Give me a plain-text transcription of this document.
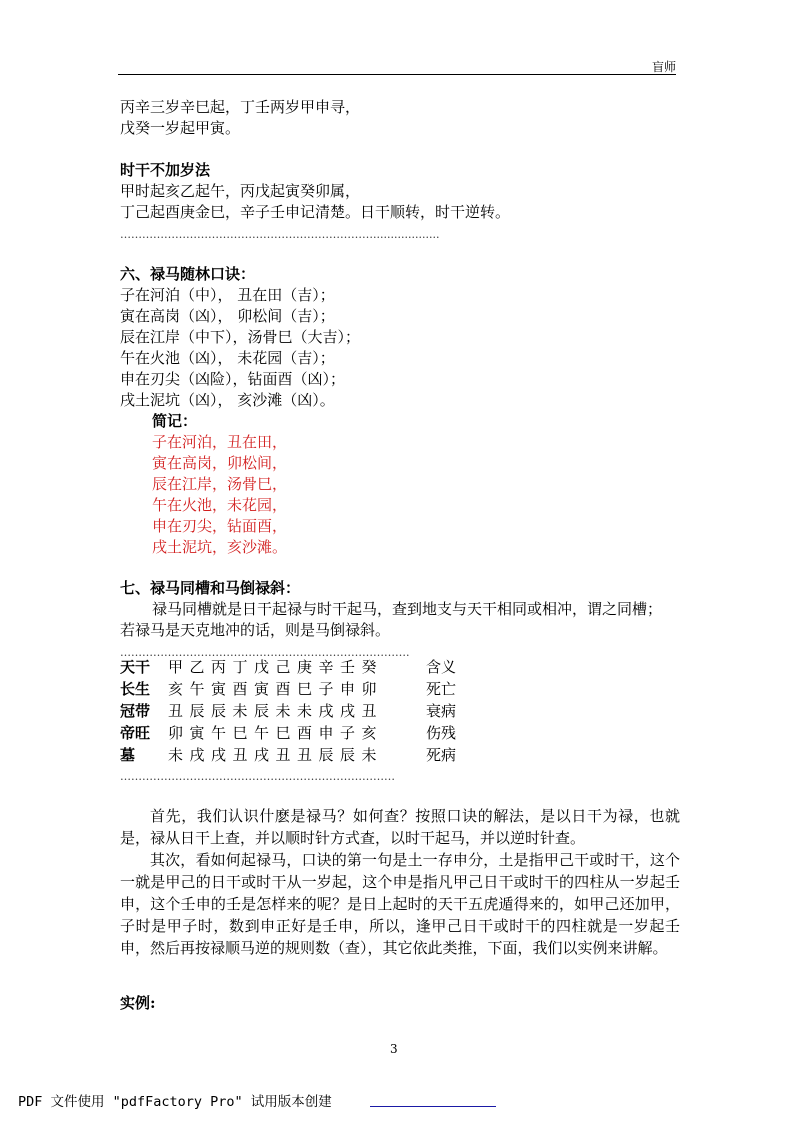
盲师
丙辛三岁辛巳起，丁壬两岁甲申寻，
戊癸一岁起甲寅。
时干不加岁法
甲时起亥乙起午，丙戊起寅癸卯属，
丁己起酉庚金巳，辛子壬申记清楚。日干顺转，时干逆转。
……………………………………………………………...................
六、禄马随林口诀：
子在河泊（中）， 丑在田（吉）；
寅在高岗（凶）， 卯松间（吉）；
辰在江岸（中下），汤骨巳（大吉）；
午在火池（凶）， 未花园（吉）；
申在刃尖（凶险），钻面酉（凶）；
戌土泥坑（凶）， 亥沙滩（凶）。
简记：
子在河泊，丑在田，
寅在高岗，卯松间，
辰在江岸，汤骨巳，
午在火池，未花园，
申在刃尖，钻面酉，
戌土泥坑，亥沙滩。
七、禄马同槽和马倒禄斜：
禄马同槽就是日干起禄与时干起马，查到地支与天干相同或相冲，谓之同槽；
若禄马是天克地冲的话，则是马倒禄斜。
…………………………………………………………………….
天干	甲乙丙丁戊己庚辛壬癸	含义
长生	亥午寅酉寅酉巳子申卯	死亡
冠带	丑辰辰未辰未未戌戌丑	衰病
帝旺	卯寅午巳午巳酉申子亥	伤残
墓	未戌戌丑戌丑丑辰辰未	死病
…………………………………………………………………
首先，我们认识什麽是禄马？如何查？按照口诀的解法，是以日干为禄，也就是，禄从日干上查，并以顺时针方式查，以时干起马，并以逆时针查。
其次，看如何起禄马，口诀的第一句是土一存申分，土是指甲己干或时干，这个一就是甲己的日干或时干从一岁起，这个申是指凡甲己日干或时干的四柱从一岁起壬申，这个壬申的壬是怎样来的呢？是日上起时的天干五虎遁得来的，如甲己还加甲，子时是甲子时，数到申正好是壬申，所以，逢甲己日干或时干的四柱就是一岁起壬申，然后再按禄顺马逆的规则数（查），其它依此类推，下面，我们以实例来讲解。
实例:
3
PDF 文件使用 "pdfFactory Pro" 试用版本创建
